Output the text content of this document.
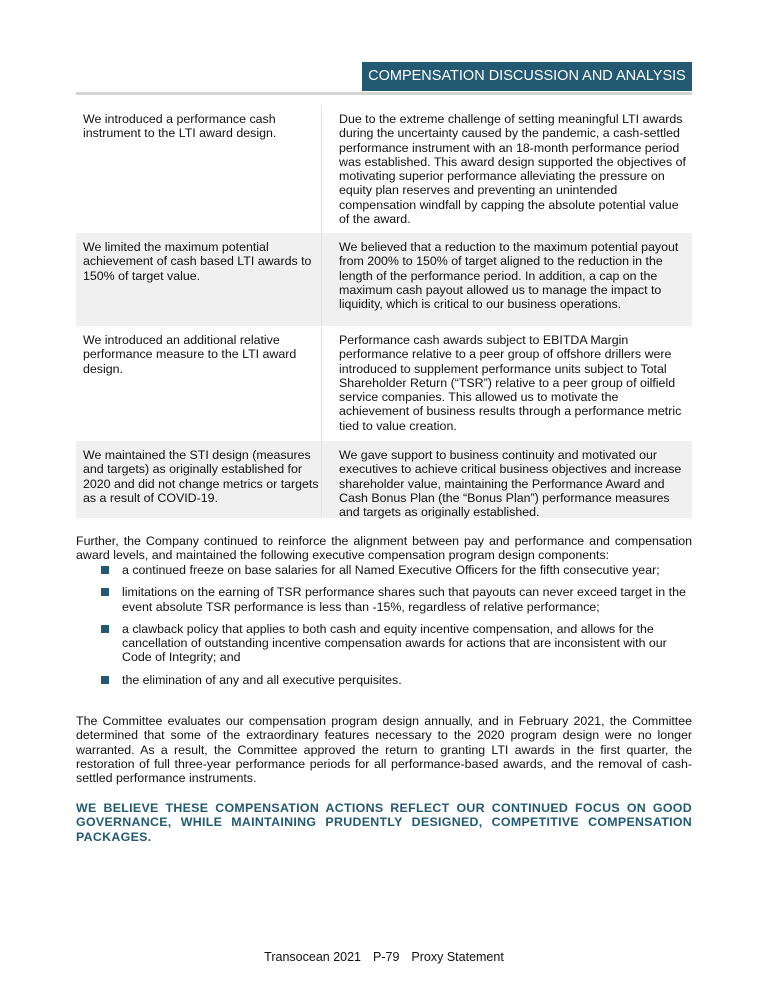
COMPENSATION DISCUSSION AND ANALYSIS
We introduced a performance cash instrument to the LTI award design.
Due to the extreme challenge of setting meaningful LTI awards during the uncertainty caused by the pandemic, a cash-settled performance instrument with an 18-month performance period was established. This award design supported the objectives of motivating superior performance alleviating the pressure on equity plan reserves and preventing an unintended compensation windfall by capping the absolute potential value of the award.
We limited the maximum potential achievement of cash based LTI awards to 150% of target value.
We believed that a reduction to the maximum potential payout from 200% to 150% of target aligned to the reduction in the length of the performance period. In addition, a cap on the maximum cash payout allowed us to manage the impact to liquidity, which is critical to our business operations.
We introduced an additional relative performance measure to the LTI award design.
Performance cash awards subject to EBITDA Margin performance relative to a peer group of offshore drillers were introduced to supplement performance units subject to Total Shareholder Return (“TSR”) relative to a peer group of oilfield service companies. This allowed us to motivate the achievement of business results through a performance metric tied to value creation.
We maintained the STI design (measures and targets) as originally established for 2020 and did not change metrics or targets as a result of COVID-19.
We gave support to business continuity and motivated our executives to achieve critical business objectives and increase shareholder value, maintaining the Performance Award and Cash Bonus Plan (the “Bonus Plan”) performance measures and targets as originally established.
Further, the Company continued to reinforce the alignment between pay and performance and compensation award levels, and maintained the following executive compensation program design components:
a continued freeze on base salaries for all Named Executive Officers for the fifth consecutive year;
limitations on the earning of TSR performance shares such that payouts can never exceed target in the event absolute TSR performance is less than -15%, regardless of relative performance;
a clawback policy that applies to both cash and equity incentive compensation, and allows for the cancellation of outstanding incentive compensation awards for actions that are inconsistent with our Code of Integrity; and
the elimination of any and all executive perquisites.
The Committee evaluates our compensation program design annually, and in February 2021, the Committee determined that some of the extraordinary features necessary to the 2020 program design were no longer warranted. As a result, the Committee approved the return to granting LTI awards in the first quarter, the restoration of full three-year performance periods for all performance-based awards, and the removal of cash-settled performance instruments.
WE BELIEVE THESE COMPENSATION ACTIONS REFLECT OUR CONTINUED FOCUS ON GOOD GOVERNANCE, WHILE MAINTAINING PRUDENTLY DESIGNED, COMPETITIVE COMPENSATION PACKAGES.
Transocean 2021 P-79 Proxy Statement
